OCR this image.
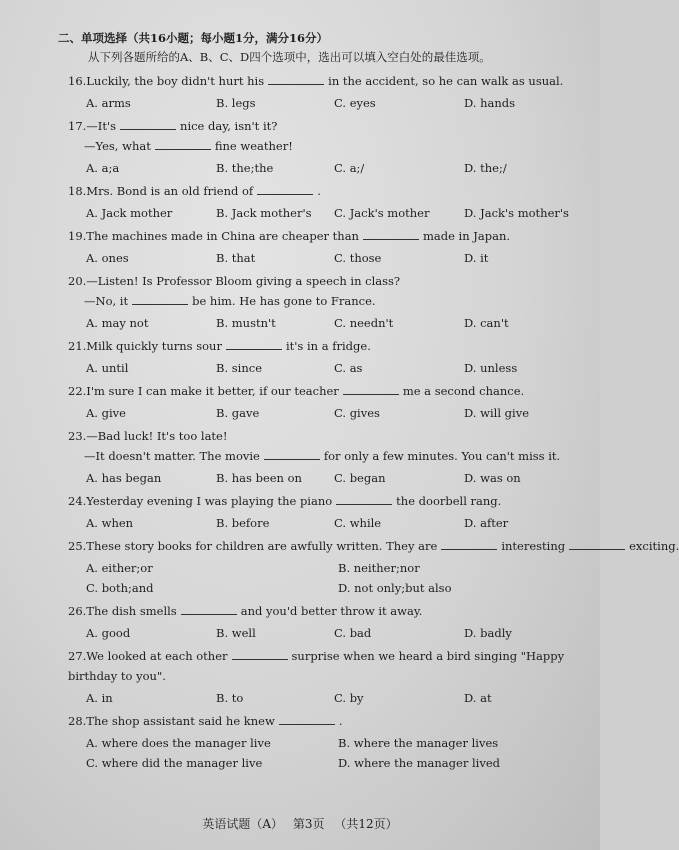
二、单项选择（共16小题；每小题1分，满分16分）
从下列各题所给的A、B、C、D四个选项中，选出可以填入空白处的最佳选项。
16.Luckily, the boy didn't hurt his	in the accident, so he can walk as usual.
A. arms	B. legs	C. eyes	D. hands
17.—It's	nice day, isn't it?
—Yes, what	fine weather!
A. a;a	B. the;the	C. a;/	D. the;/
18.Mrs. Bond is an old friend of	.
A. Jack mother	B. Jack mother's	C. Jack's mother	D. Jack's mother's
19.The machines made in China are cheaper than	made in Japan.
A. ones	B. that	C. those	D. it
20.—Listen! Is Professor Bloom giving a speech in class?
—No, it	be him. He has gone to France.
A. may not	B. mustn't	C. needn't	D. can't
21.Milk quickly turns sour	it's in a fridge.
A. until	B. since	C. as	D. unless
22.I'm sure I can make it better, if our teacher	me a second chance.
A. give	B. gave	C. gives	D. will give
23.—Bad luck! It's too late!
—It doesn't matter. The movie	for only a few minutes. You can't miss it.
A. has began	B. has been on	C. began	D. was on
24.Yesterday evening I was playing the piano	the doorbell rang.
A. when	B. before	C. while	D. after
25.These story books for children are awfully written. They are	interesting	exciting.
A. either;or	B. neither;nor
C. both;and	D. not only;but also
26.The dish smells	and you'd better throw it away.
A. good	B. well	C. bad	D. badly
27.We looked at each other	surprise when we heard a bird singing "Happy birthday to you".
A. in	B. to	C. by	D. at
28.The shop assistant said he knew	.
A. where does the manager live	B. where the manager lives
C. where did the manager live	D. where the manager lived
英语试题（A） 第3页 （共12页）
